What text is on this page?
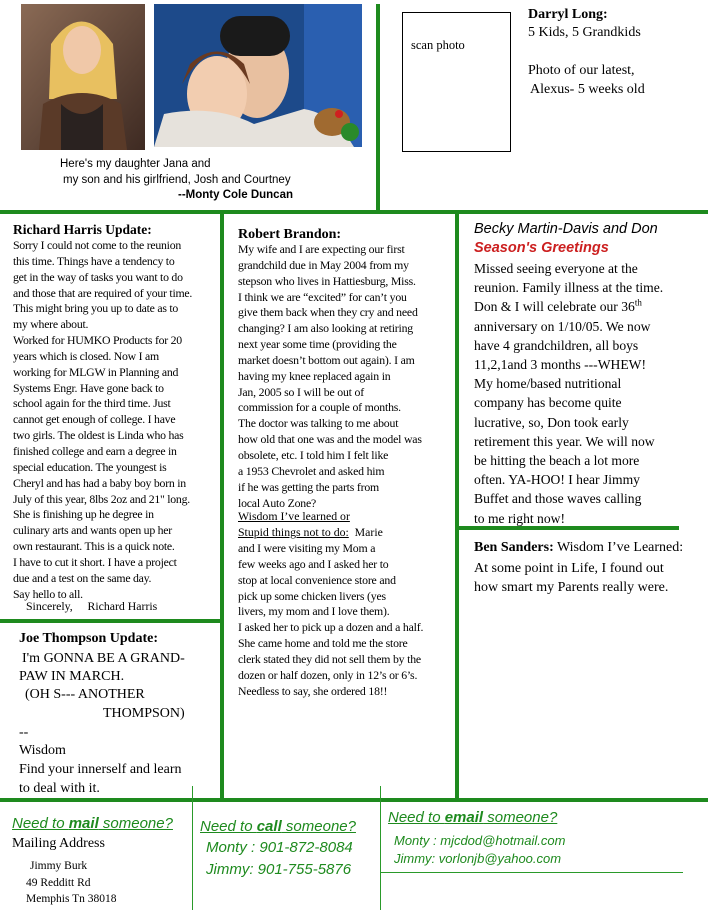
Here's my daughter Jana and
my son and his girlfriend, Josh and Courtney
--Monty Cole Duncan
scan photo
Darryl Long:
5 Kids, 5 Grandkids
Photo of our latest,
Alexus- 5 weeks old
Richard Harris Update:
Sorry I could not come to the reunion
this time. Things have a tendency to
get in the way of tasks you want to do
and those that are required of your time.
This might bring you up to date as to
my where about.
Worked for HUMKO Products for 20
years which is closed. Now I am
working for MLGW in Planning and
Systems Engr. Have gone back to
school again for the third time. Just
cannot get enough of college. I have
two girls. The oldest is Linda who has
finished college and earn a degree in
special education. The youngest is
Cheryl and has had a baby boy born in
July of this year, 8lbs 2oz and 21" long.
She is finishing up he degree in
culinary arts and wants open up her
own restaurant. This is a quick note.
I have to cut it short. I have a project
due and a test on the same day.
Say hello to all.
Sincerely,     Richard Harris
Joe Thompson Update:
I'm GONNA BE A GRAND-
PAW IN MARCH.
(OH S--- ANOTHER
THOMPSON)
--
Wisdom
Find your innerself and learn
to deal with it.
Robert Brandon:
My wife and I are expecting our first
grandchild due in May 2004 from my
stepson who lives in Hattiesburg, Miss.
I think we are “excited” for can’t you
give them back when they cry and need
changing? I am also looking at retiring
next year some time (providing the
market doesn’t bottom out again). I am
having my knee replaced again in
Jan, 2005 so I will be out of
commission for a couple of months.
The doctor was talking to me about
how old that one was and the model was
obsolete, etc. I told him I felt like
a 1953 Chevrolet and asked him
if he was getting the parts from
local Auto Zone?
Wisdom I’ve learned or
Stupid things not to do:  Marie
and I were visiting my Mom a
few weeks ago and I asked her to
stop at local convenience store and
pick up some chicken livers (yes
livers, my mom and I love them).
I asked her to pick up a dozen and a half.
She came home and told me the store
clerk stated they did not sell them by the
dozen or half dozen, only in 12’s or 6’s.
Needless to say, she ordered 18!!
Becky Martin-Davis and Don
Season's Greetings
Missed seeing everyone at the
reunion. Family illness at the time.
Don & I will celebrate our 36th
anniversary on 1/10/05. We now
have 4 grandchildren, all boys
11,2,1and 3 months ---WHEW!
My home/based nutritional
company has become quite
lucrative, so, Don took early
retirement this year. We will now
be hitting the beach a lot more
often. YA-HOO! I hear Jimmy
Buffet and those waves calling
to me right now!
Ben Sanders: Wisdom I’ve Learned:
At some point in Life, I found out
how smart my Parents really were.
Need to mail someone?
Mailing Address
Jimmy Burk
49 Redditt Rd
Memphis Tn 38018
Need to call someone?
Monty : 901-872-8084
Jimmy: 901-755-5876
Need to email someone?
Monty : mjcdod@hotmail.com
Jimmy: vorlonjb@yahoo.com
